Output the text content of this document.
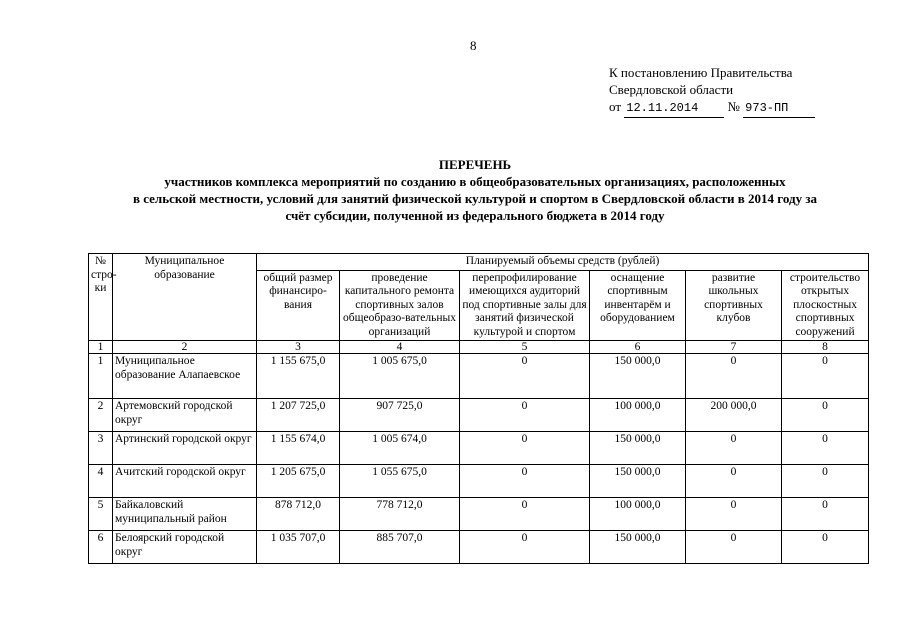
8
К постановлению Правительства
Свердловской области
от 12.11.2014 № 973-ПП
ПЕРЕЧЕНЬ
участников комплекса мероприятий по созданию в общеобразовательных организациях, расположенных
в сельской местности, условий для занятий физической культурой и спортом в Свердловской области в 2014 году за
счёт субсидии, полученной из федерального бюджета в 2014 году
№ стро-ки	Муниципальное образование	Планируемый объемы средств (рублей)					
		общий размер финансиро-вания	проведение капитального ремонта спортивных залов общеобразо-вательных организаций	перепрофилирование имеющихся аудиторий под спортивные залы для занятий физической культурой и спортом	оснащение спортивным инвентарём и оборудованием	развитие школьных спортивных клубов	строительство открытых плоскостных спортивных сооружений
1	2	3	4	5	6	7	8
1	Муниципальное образование Алапаевское	1 155 675,0	1 005 675,0	0	150 000,0	0	0
2	Артемовский городской округ	1 207 725,0	907 725,0	0	100 000,0	200 000,0	0
3	Артинский городской округ	1 155 674,0	1 005 674,0	0	150 000,0	0	0
4	Ачитский городской округ	1 205 675,0	1 055 675,0	0	150 000,0	0	0
5	Байкаловский муниципальный район	878 712,0	778 712,0	0	100 000,0	0	0
6	Белоярский городской округ	1 035 707,0	885 707,0	0	150 000,0	0	0
